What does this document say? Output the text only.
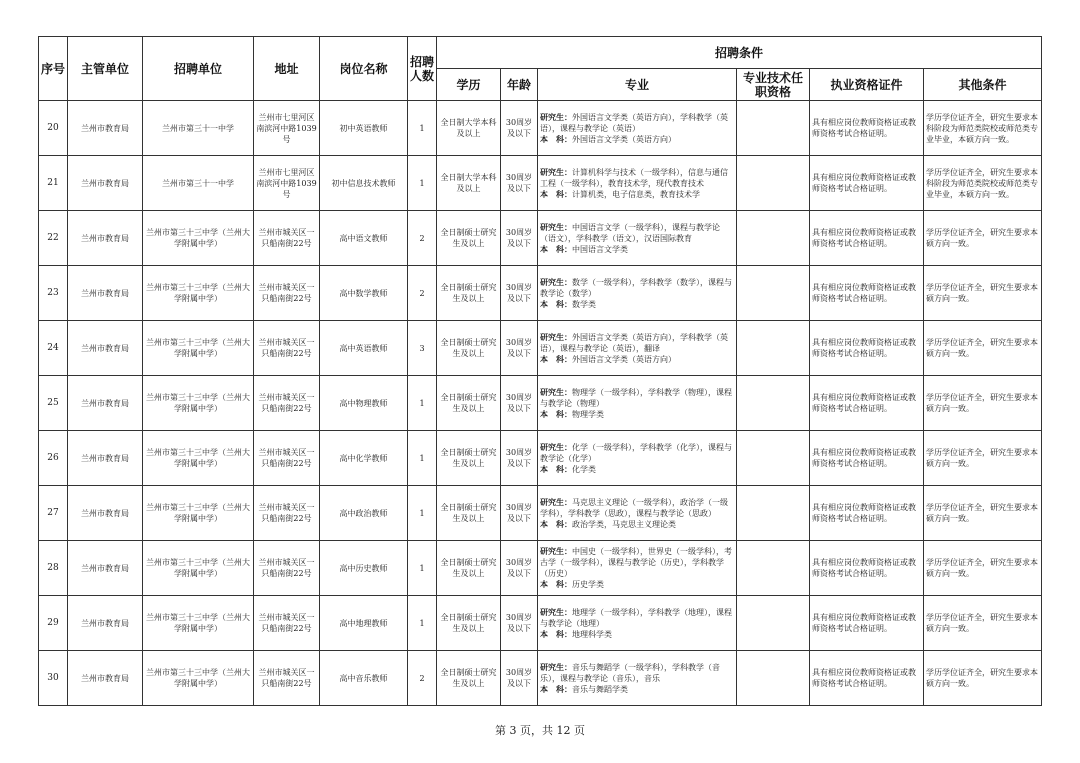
序号	主管单位	招聘单位	地址	岗位名称	招聘人数	招聘条件					
						学历	年龄	专业	专业技术任职资格	执业资格证件	其他条件
20	兰州市教育局	兰州市第三十一中学	兰州市七里河区南滨河中路1039号	初中英语教师	1	全日制大学本科及以上	30周岁及以下	研究生：外国语言文学类（英语方向），学科教学（英语），课程与教学论（英语）
本　科：外国语言文学类（英语方向）		具有相应岗位教师资格证或教师资格考试合格证明。	学历学位证齐全，研究生要求本科阶段为师范类院校或师范类专业毕业，本硕方向一致。
21	兰州市教育局	兰州市第三十一中学	兰州市七里河区南滨河中路1039号	初中信息技术教师	1	全日制大学本科及以上	30周岁及以下	研究生：计算机科学与技术（一级学科），信息与通信工程（一级学科），教育技术学，现代教育技术
本　科：计算机类，电子信息类，教育技术学		具有相应岗位教师资格证或教师资格考试合格证明。	学历学位证齐全，研究生要求本科阶段为师范类院校或师范类专业毕业，本硕方向一致。
22	兰州市教育局	兰州市第三十三中学（兰州大学附属中学）	兰州市城关区一只船南街22号	高中语文教师	2	全日制硕士研究生及以上	30周岁及以下	研究生：中国语言文学（一级学科），课程与教学论（语文），学科教学（语文），汉语国际教育
本　科：中国语言文学类		具有相应岗位教师资格证或教师资格考试合格证明。	学历学位证齐全，研究生要求本硕方向一致。
23	兰州市教育局	兰州市第三十三中学（兰州大学附属中学）	兰州市城关区一只船南街22号	高中数学教师	2	全日制硕士研究生及以上	30周岁及以下	研究生：数学（一级学科），学科教学（数学），课程与教学论（数学）
本　科：数学类		具有相应岗位教师资格证或教师资格考试合格证明。	学历学位证齐全，研究生要求本硕方向一致。
24	兰州市教育局	兰州市第三十三中学（兰州大学附属中学）	兰州市城关区一只船南街22号	高中英语教师	3	全日制硕士研究生及以上	30周岁及以下	研究生：外国语言文学类（英语方向），学科教学（英语），课程与教学论（英语），翻译
本　科：外国语言文学类（英语方向）		具有相应岗位教师资格证或教师资格考试合格证明。	学历学位证齐全，研究生要求本硕方向一致。
25	兰州市教育局	兰州市第三十三中学（兰州大学附属中学）	兰州市城关区一只船南街22号	高中物理教师	1	全日制硕士研究生及以上	30周岁及以下	研究生：物理学（一级学科），学科教学（物理），课程与教学论（物理）
本　科：物理学类		具有相应岗位教师资格证或教师资格考试合格证明。	学历学位证齐全，研究生要求本硕方向一致。
26	兰州市教育局	兰州市第三十三中学（兰州大学附属中学）	兰州市城关区一只船南街22号	高中化学教师	1	全日制硕士研究生及以上	30周岁及以下	研究生：化学（一级学科），学科教学（化学），课程与教学论（化学）
本　科：化学类		具有相应岗位教师资格证或教师资格考试合格证明。	学历学位证齐全，研究生要求本硕方向一致。
27	兰州市教育局	兰州市第三十三中学（兰州大学附属中学）	兰州市城关区一只船南街22号	高中政治教师	1	全日制硕士研究生及以上	30周岁及以下	研究生：马克思主义理论（一级学科），政治学（一级学科），学科教学（思政），课程与教学论（思政）
本　科：政治学类，马克思主义理论类		具有相应岗位教师资格证或教师资格考试合格证明。	学历学位证齐全，研究生要求本硕方向一致。
28	兰州市教育局	兰州市第三十三中学（兰州大学附属中学）	兰州市城关区一只船南街22号	高中历史教师	1	全日制硕士研究生及以上	30周岁及以下	研究生：中国史（一级学科），世界史（一级学科），考古学（一级学科），课程与教学论（历史），学科教学（历史）
本　科：历史学类		具有相应岗位教师资格证或教师资格考试合格证明。	学历学位证齐全，研究生要求本硕方向一致。
29	兰州市教育局	兰州市第三十三中学（兰州大学附属中学）	兰州市城关区一只船南街22号	高中地理教师	1	全日制硕士研究生及以上	30周岁及以下	研究生：地理学（一级学科），学科教学（地理），课程与教学论（地理）
本　科：地理科学类		具有相应岗位教师资格证或教师资格考试合格证明。	学历学位证齐全，研究生要求本硕方向一致。
30	兰州市教育局	兰州市第三十三中学（兰州大学附属中学）	兰州市城关区一只船南街22号	高中音乐教师	2	全日制硕士研究生及以上	30周岁及以下	研究生：音乐与舞蹈学（一级学科），学科教学（音乐），课程与教学论（音乐），音乐
本　科：音乐与舞蹈学类		具有相应岗位教师资格证或教师资格考试合格证明。	学历学位证齐全，研究生要求本硕方向一致。
第 3 页，共 12 页
